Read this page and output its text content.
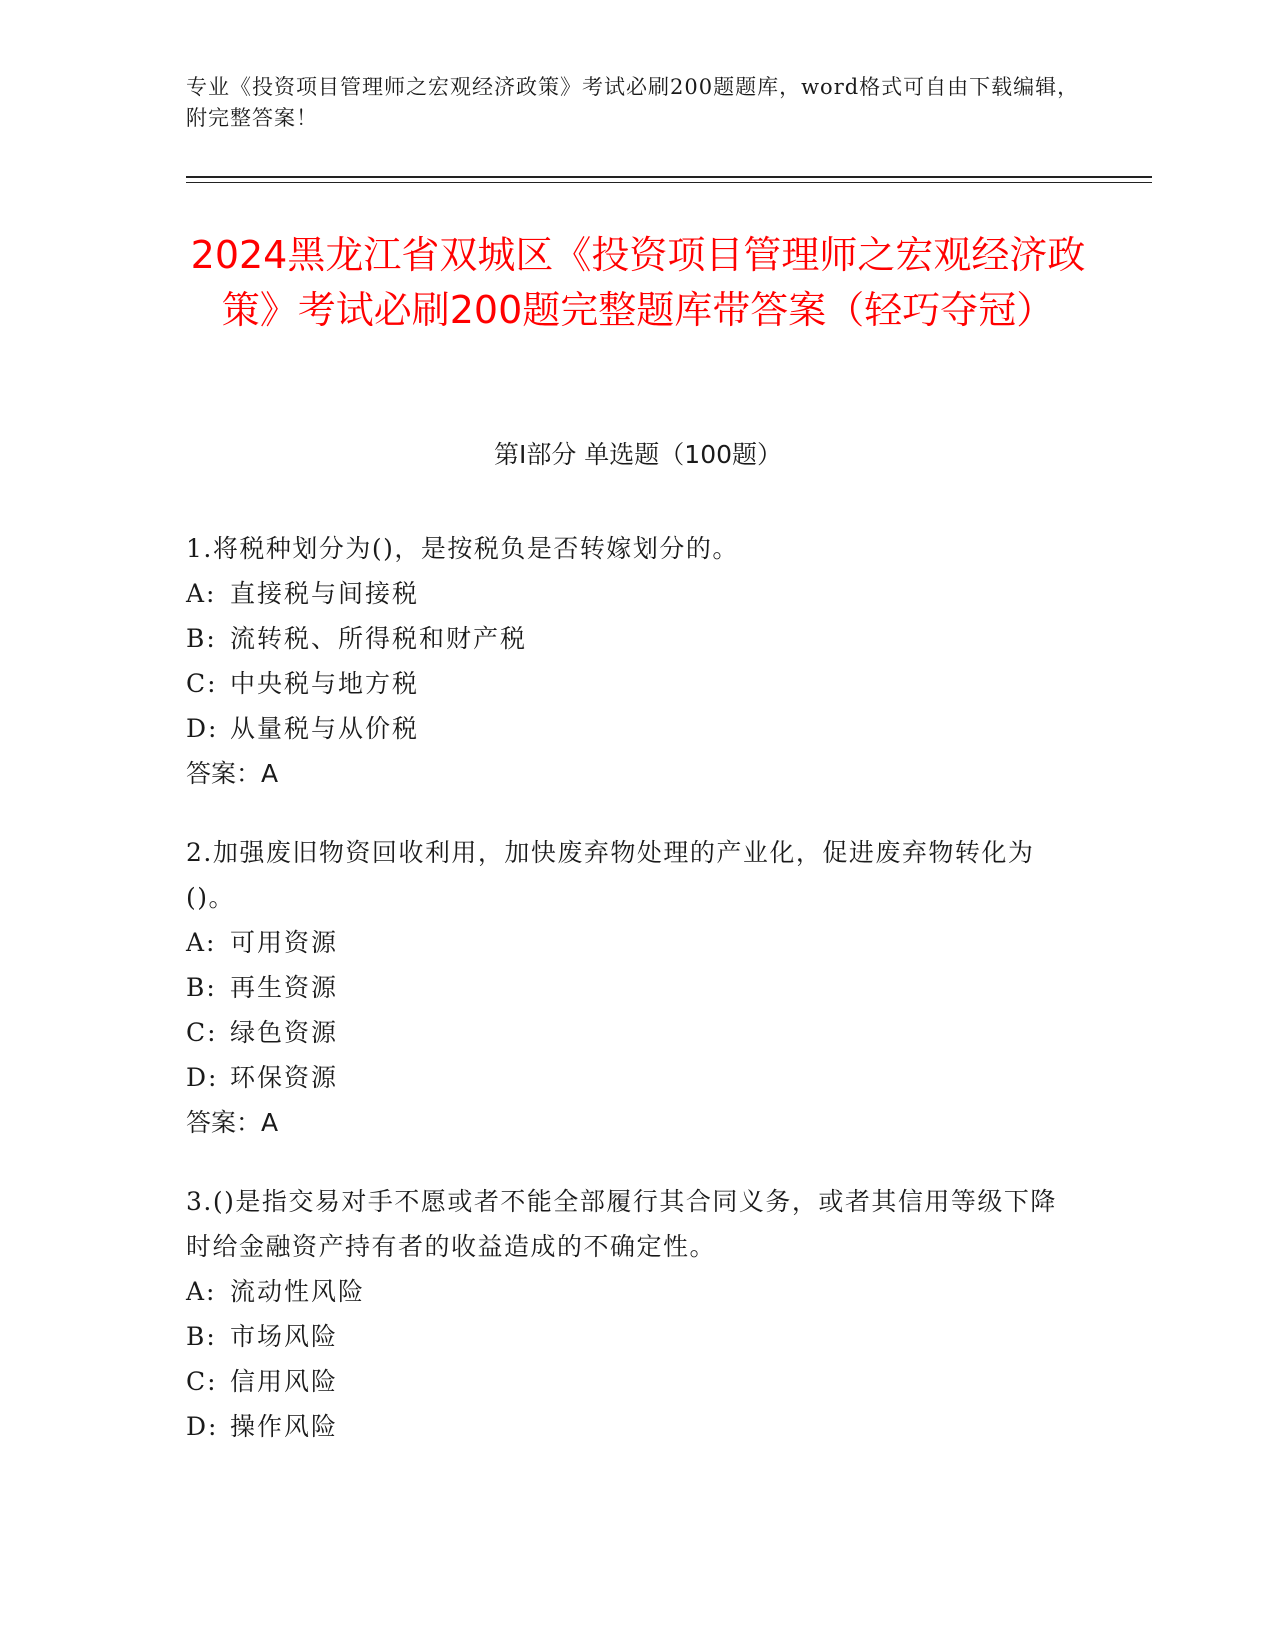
专业《投资项目管理师之宏观经济政策》考试必刷200题题库，word格式可自由下载编辑，附完整答案！
2024黑龙江省双城区《投资项目管理师之宏观经济政策》考试必刷200题完整题库带答案（轻巧夺冠）
第I部分 单选题（100题）
1.将税种划分为()，是按税负是否转嫁划分的。
A: 直接税与间接税
B: 流转税、所得税和财产税
C: 中央税与地方税
D: 从量税与从价税
答案：A
2.加强废旧物资回收利用，加快废弃物处理的产业化，促进废弃物转化为()。
A: 可用资源
B: 再生资源
C: 绿色资源
D: 环保资源
答案：A
3.()是指交易对手不愿或者不能全部履行其合同义务，或者其信用等级下降时给金融资产持有者的收益造成的不确定性。
A: 流动性风险
B: 市场风险
C: 信用风险
D: 操作风险
